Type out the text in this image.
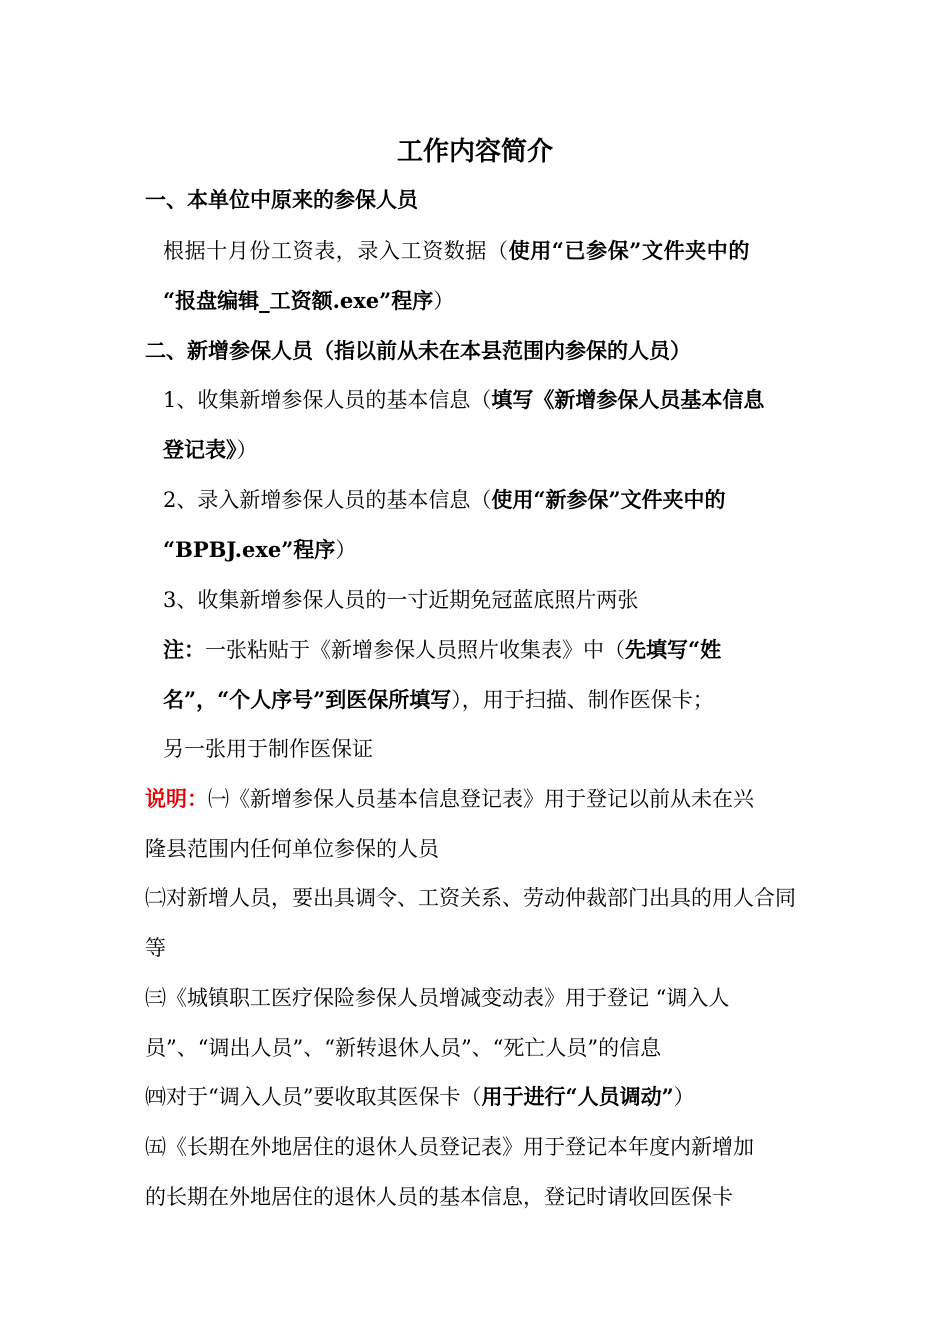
工作内容简介
一、本单位中原来的参保人员
根据十月份工资表，录入工资数据（使用“已参保”文件夹中的
“报盘编辑_工资额.exe”程序）
二、新增参保人员（指以前从未在本县范围内参保的人员）
1、收集新增参保人员的基本信息（填写《新增参保人员基本信息
登记表》）
2、录入新增参保人员的基本信息（使用“新参保”文件夹中的
“BPBJ.exe”程序）
3、收集新增参保人员的一寸近期免冠蓝底照片两张
注：一张粘贴于《新增参保人员照片收集表》中（先填写“姓
名”，“个人序号”到医保所填写），用于扫描、制作医保卡；
另一张用于制作医保证
说明：㈠《新增参保人员基本信息登记表》用于登记以前从未在兴
隆县范围内任何单位参保的人员
㈡对新增人员，要出具调令、工资关系、劳动仲裁部门出具的用人合同
等
㈢《城镇职工医疗保险参保人员增减变动表》用于登记 “调入人
员”、“调出人员”、“新转退休人员”、“死亡人员”的信息
㈣对于“调入人员”要收取其医保卡（用于进行“人员调动”）
㈤《长期在外地居住的退休人员登记表》用于登记本年度内新增加
的长期在外地居住的退休人员的基本信息，登记时请收回医保卡
